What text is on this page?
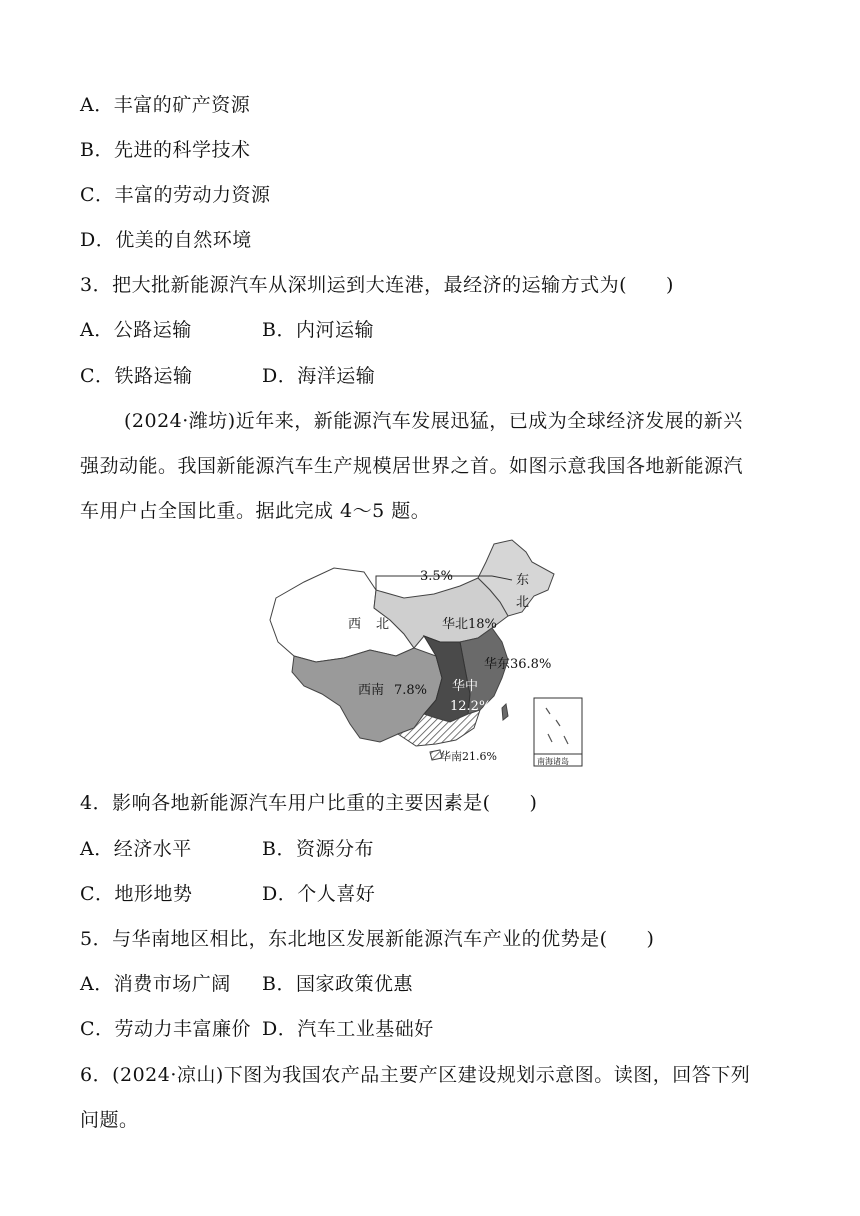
A．丰富的矿产资源
B．先进的科学技术
C．丰富的劳动力资源
D．优美的自然环境
3．把大批新能源汽车从深圳运到大连港，最经济的运输方式为(　　)
A．公路运输	B．内河运输
C．铁路运输	D．海洋运输
(2024·潍坊)近年来，新能源汽车发展迅猛，已成为全球经济发展的新兴
强劲动能。我国新能源汽车生产规模居世界之首。如图示意我国各地新能源汽
车用户占全国比重。据此完成 4～5 题。
3.5%	东
北
西 北	华北18%
华东36.8%
西南 7.8% 华中
12.2%
华南21.6%	南海诸岛
4．影响各地新能源汽车用户比重的主要因素是(　　)
A．经济水平	B．资源分布
C．地形地势	D．个人喜好
5．与华南地区相比，东北地区发展新能源汽车产业的优势是(　　)
A．消费市场广阔 B．国家政策优惠
C．劳动力丰富廉价 D．汽车工业基础好
6．(2024·凉山)下图为我国农产品主要产区建设规划示意图。读图，回答下列
问题。
